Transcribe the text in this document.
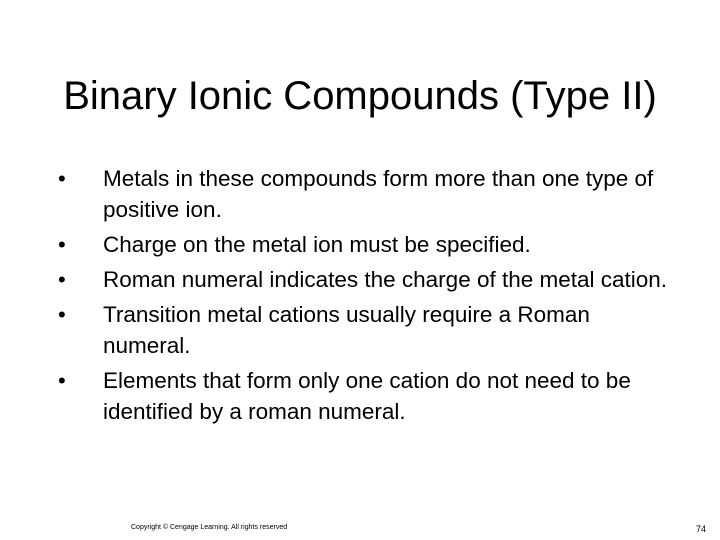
Binary Ionic Compounds (Type II)
•	Metals in these compounds form more than one type of positive ion.
•	Charge on the metal ion must be specified.
•	Roman numeral indicates the charge of the metal cation.
•	Transition metal cations usually require a Roman numeral.
•	Elements that form only one cation do not need to be identified by a roman numeral.
Copyright © Cengage Learning. All rights reserved	74
